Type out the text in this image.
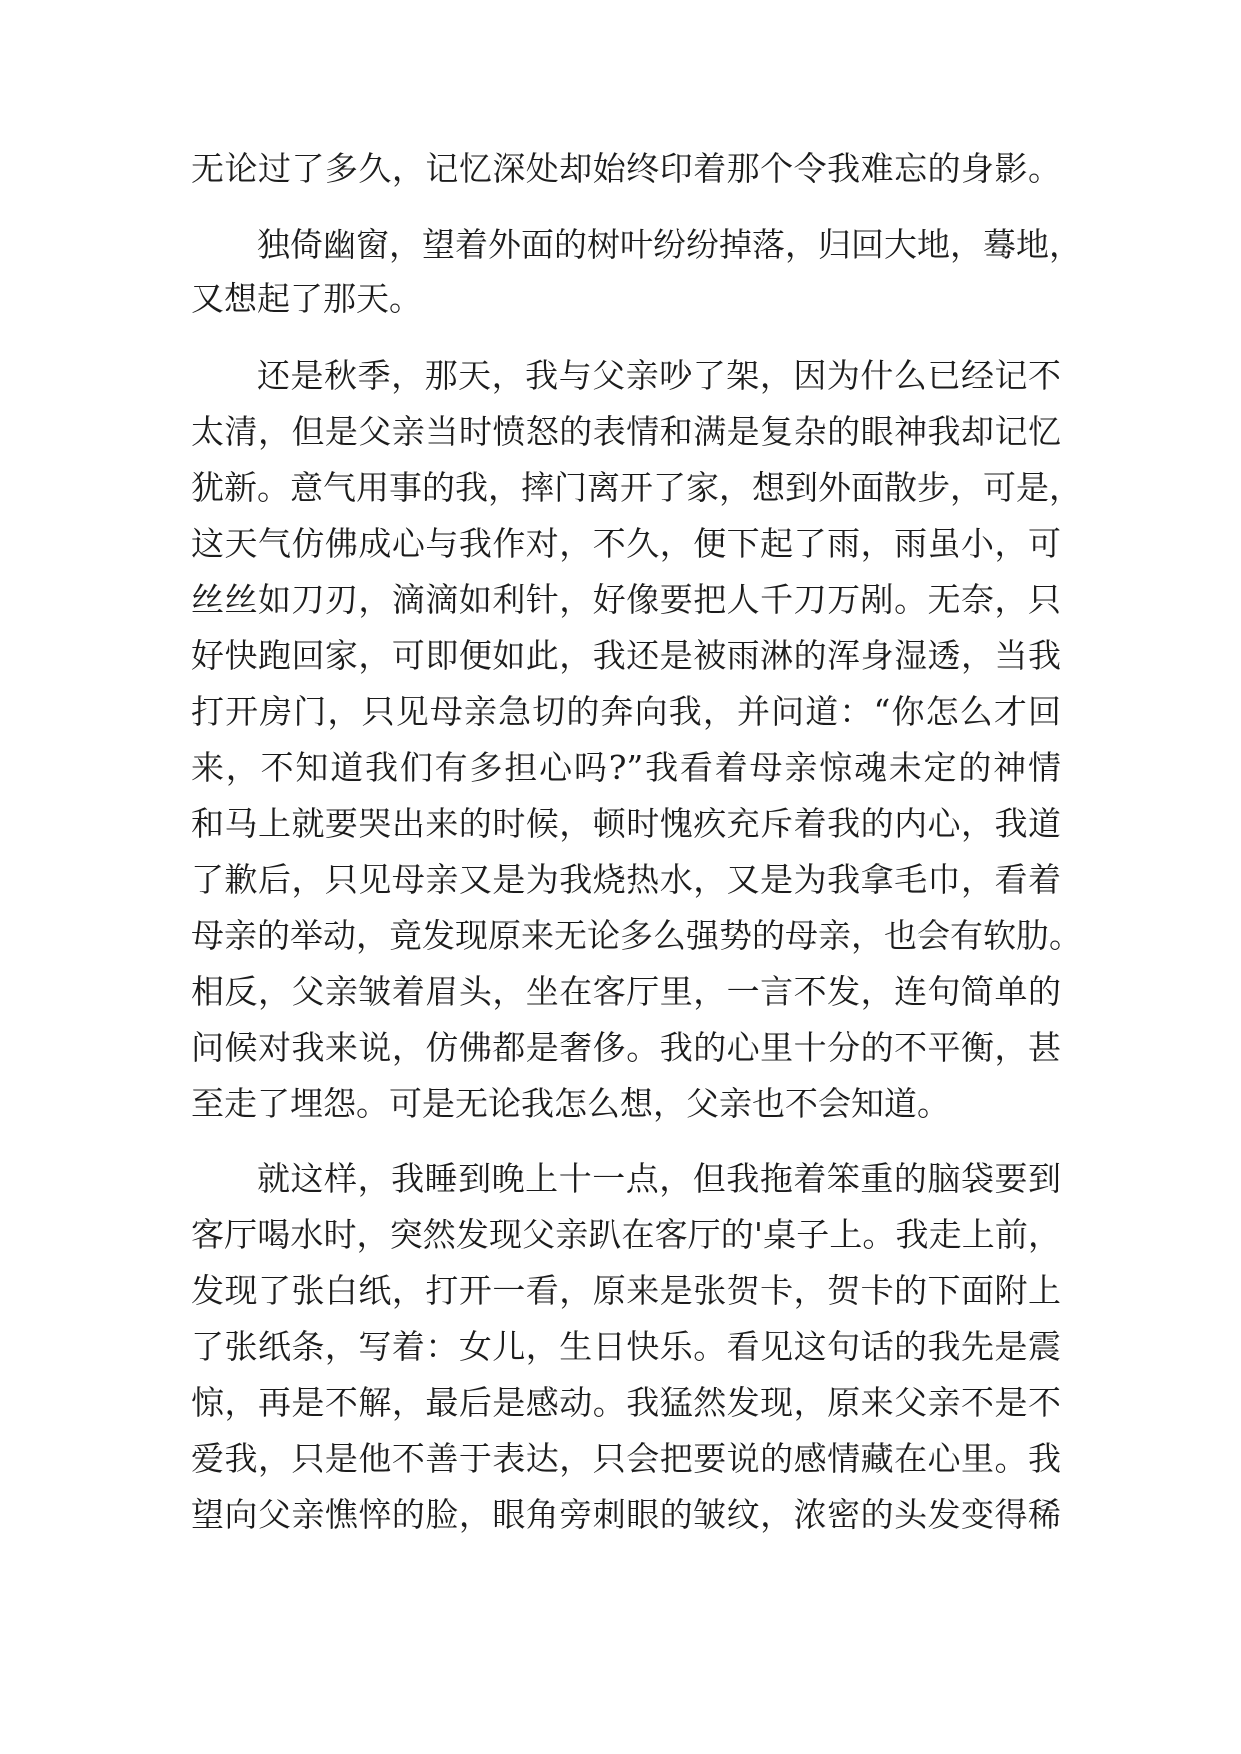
无论过了多久，记忆深处却始终印着那个令我难忘的身影。
独倚幽窗，望着外面的树叶纷纷掉落，归回大地，蓦地，
又想起了那天。
还是秋季，那天，我与父亲吵了架，因为什么已经记不
太清，但是父亲当时愤怒的表情和满是复杂的眼神我却记忆
犹新。意气用事的我，摔门离开了家，想到外面散步，可是，
这天气仿佛成心与我作对，不久，便下起了雨，雨虽小，可
丝丝如刀刃，滴滴如利针，好像要把人千刀万剐。无奈，只
好快跑回家，可即便如此，我还是被雨淋的浑身湿透，当我
打开房门，只见母亲急切的奔向我，并问道：“你怎么才回
来，不知道我们有多担心吗?”我看着母亲惊魂未定的神情
和马上就要哭出来的时候，顿时愧疚充斥着我的内心，我道
了歉后，只见母亲又是为我烧热水，又是为我拿毛巾，看着
母亲的举动，竟发现原来无论多么强势的母亲，也会有软肋。
相反，父亲皱着眉头，坐在客厅里，一言不发，连句简单的
问候对我来说，仿佛都是奢侈。我的心里十分的不平衡，甚
至走了埋怨。可是无论我怎么想，父亲也不会知道。
就这样，我睡到晚上十一点，但我拖着笨重的脑袋要到
客厅喝水时，突然发现父亲趴在客厅的'桌子上。我走上前，
发现了张白纸，打开一看，原来是张贺卡，贺卡的下面附上
了张纸条，写着：女儿，生日快乐。看见这句话的我先是震
惊，再是不解，最后是感动。我猛然发现，原来父亲不是不
爱我，只是他不善于表达，只会把要说的感情藏在心里。我
望向父亲憔悴的脸，眼角旁刺眼的皱纹，浓密的头发变得稀
